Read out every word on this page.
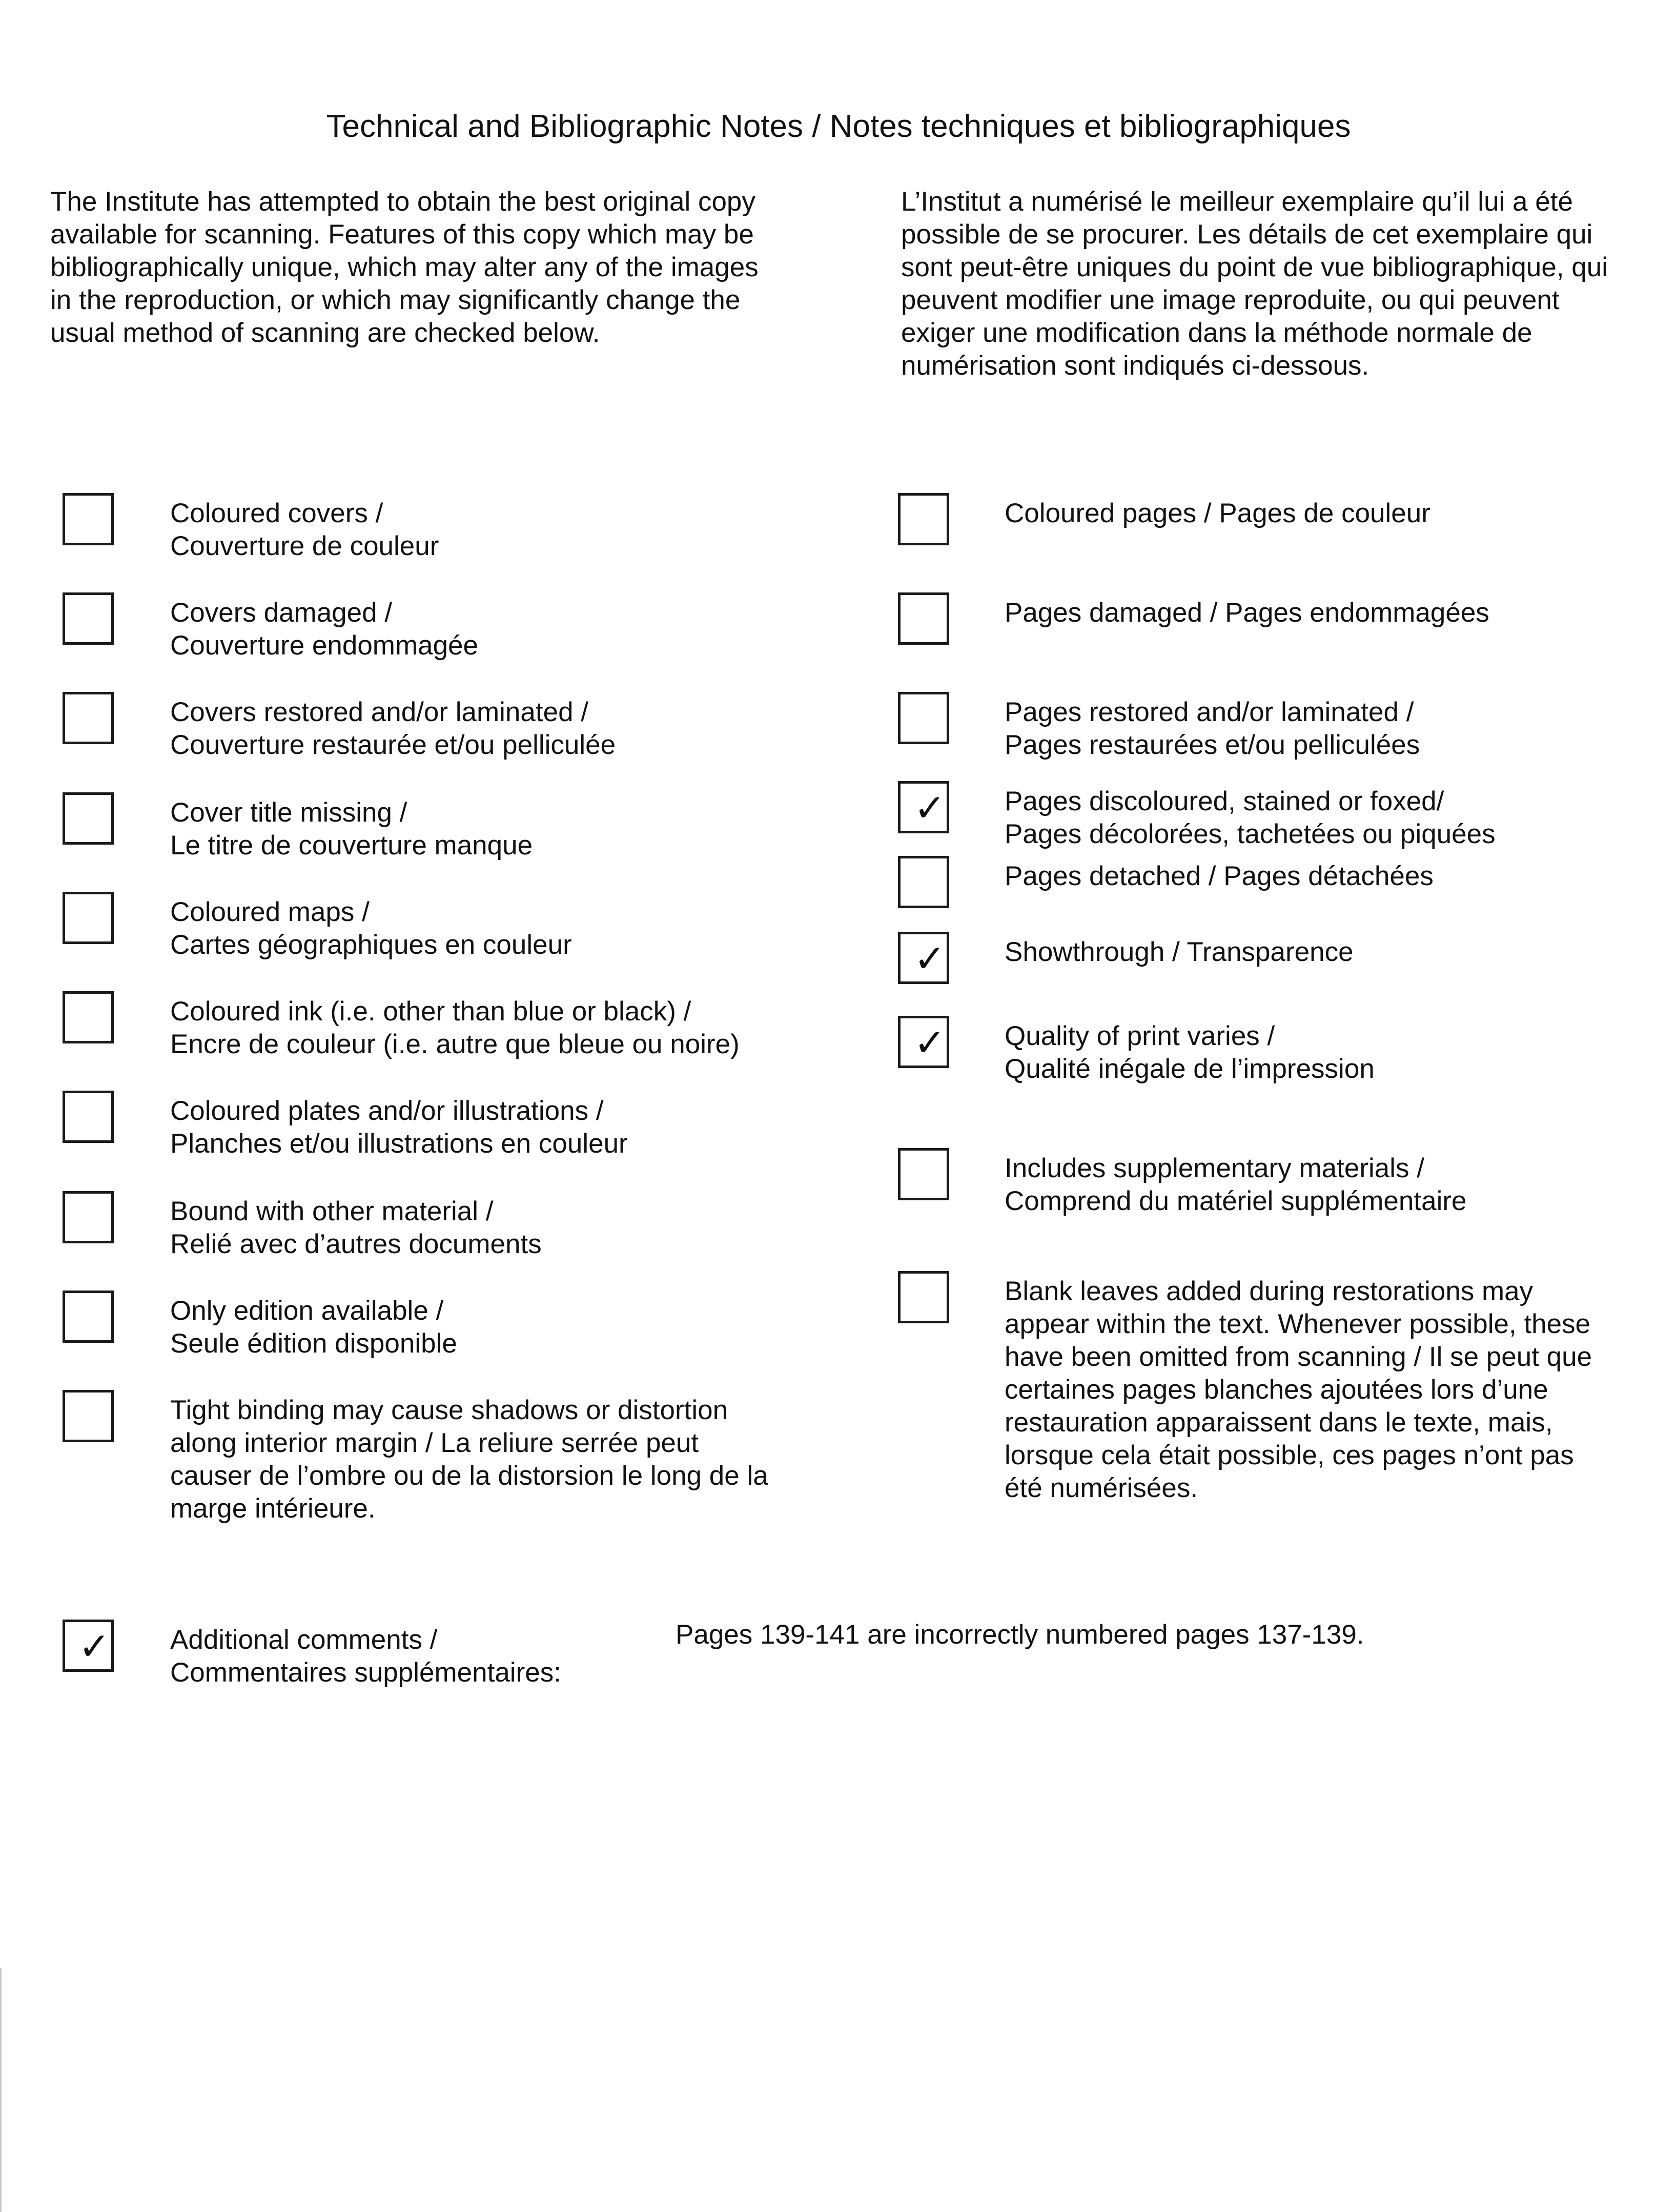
Technical and Bibliographic Notes / Notes techniques et bibliographiques
The Institute has attempted to obtain the best original copy
available for scanning. Features of this copy which may be
bibliographically unique, which may alter any of the images
in the reproduction, or which may significantly change the
usual method of scanning are checked below.
L’Institut a numérisé le meilleur exemplaire qu’il lui a été
possible de se procurer. Les détails de cet exemplaire qui
sont peut-être uniques du point de vue bibliographique, qui
peuvent modifier une image reproduite, ou qui peuvent
exiger une modification dans la méthode normale de
numérisation sont indiqués ci-dessous.
Coloured covers /
Couverture de couleur
Covers damaged /
Couverture endommagée
Covers restored and/or laminated /
Couverture restaurée et/ou pelliculée
Cover title missing /
Le titre de couverture manque
Coloured maps /
Cartes géographiques en couleur
Coloured ink (i.e. other than blue or black) /
Encre de couleur (i.e. autre que bleue ou noire)
Coloured plates and/or illustrations /
Planches et/ou illustrations en couleur
Bound with other material /
Relié avec d’autres documents
Only edition available /
Seule édition disponible
Tight binding may cause shadows or distortion
along interior margin / La reliure serrée peut
causer de l’ombre ou de la distorsion le long de la
marge intérieure.
Coloured pages / Pages de couleur
Pages damaged / Pages endommagées
Pages restored and/or laminated /
Pages restaurées et/ou pelliculées
✓ Pages discoloured, stained or foxed/
Pages décolorées, tachetées ou piquées
Pages detached / Pages détachées
✓ Showthrough / Transparence
✓ Quality of print varies /
Qualité inégale de l’impression
Includes supplementary materials /
Comprend du matériel supplémentaire
Blank leaves added during restorations may
appear within the text. Whenever possible, these
have been omitted from scanning / Il se peut que
certaines pages blanches ajoutées lors d’une
restauration apparaissent dans le texte, mais,
lorsque cela était possible, ces pages n’ont pas
été numérisées.
✓ Additional comments /
Commentaires supplémentaires:
Pages 139-141 are incorrectly numbered pages 137-139.
